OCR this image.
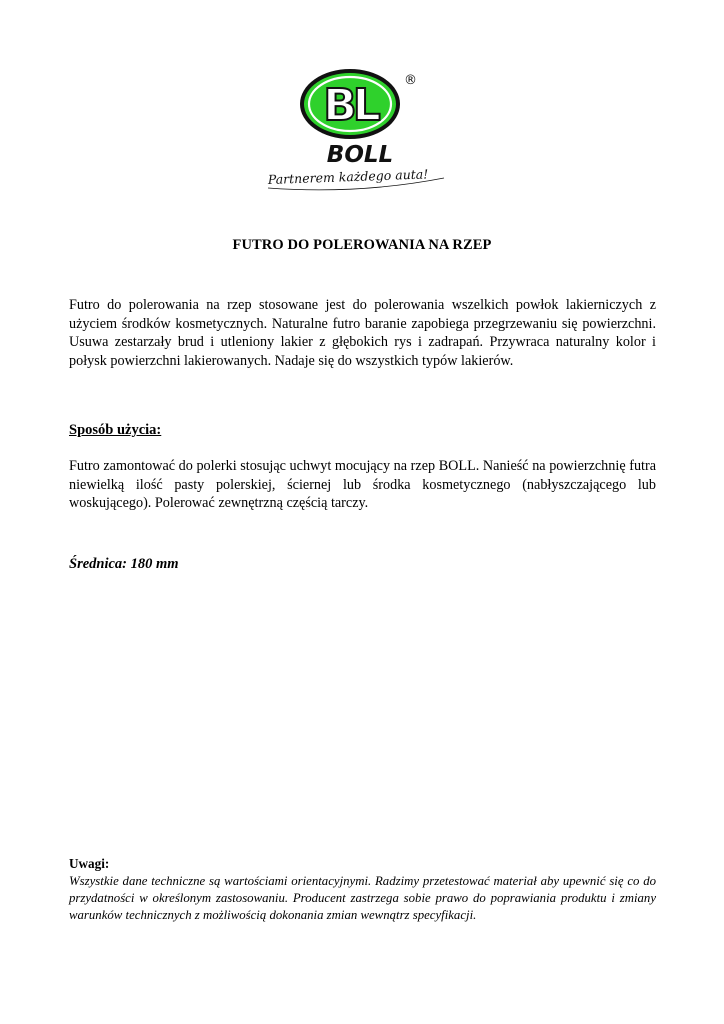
BL ®
BOLL
Partnerem każdego auta!
FUTRO DO POLEROWANIA NA RZEP

Futro do polerowania na rzep stosowane jest do polerowania wszelkich powłok lakierniczych z użyciem środków kosmetycznych. Naturalne futro baranie zapobiega przegrzewaniu się powierzchni. Usuwa zestarzały brud i utleniony lakier z głębokich rys i zadrapań. Przywraca naturalny kolor i połysk powierzchni lakierowanych. Nadaje się do wszystkich typów lakierów.

Sposób użycia:

Futro zamontować do polerki stosując uchwyt mocujący na rzep BOLL. Nanieść na powierzchnię futra niewielką ilość pasty polerskiej, ściernej lub środka kosmetycznego (nabłyszczającego lub woskującego). Polerować zewnętrzną częścią tarczy.

Średnica: 180 mm
Uwagi:

Wszystkie dane techniczne są wartościami orientacyjnymi. Radzimy przetestować materiał aby upewnić się co do przydatności w określonym zastosowaniu. Producent zastrzega sobie prawo do poprawiania produktu i zmiany warunków technicznych z możliwością dokonania zmian wewnątrz specyfikacji.
